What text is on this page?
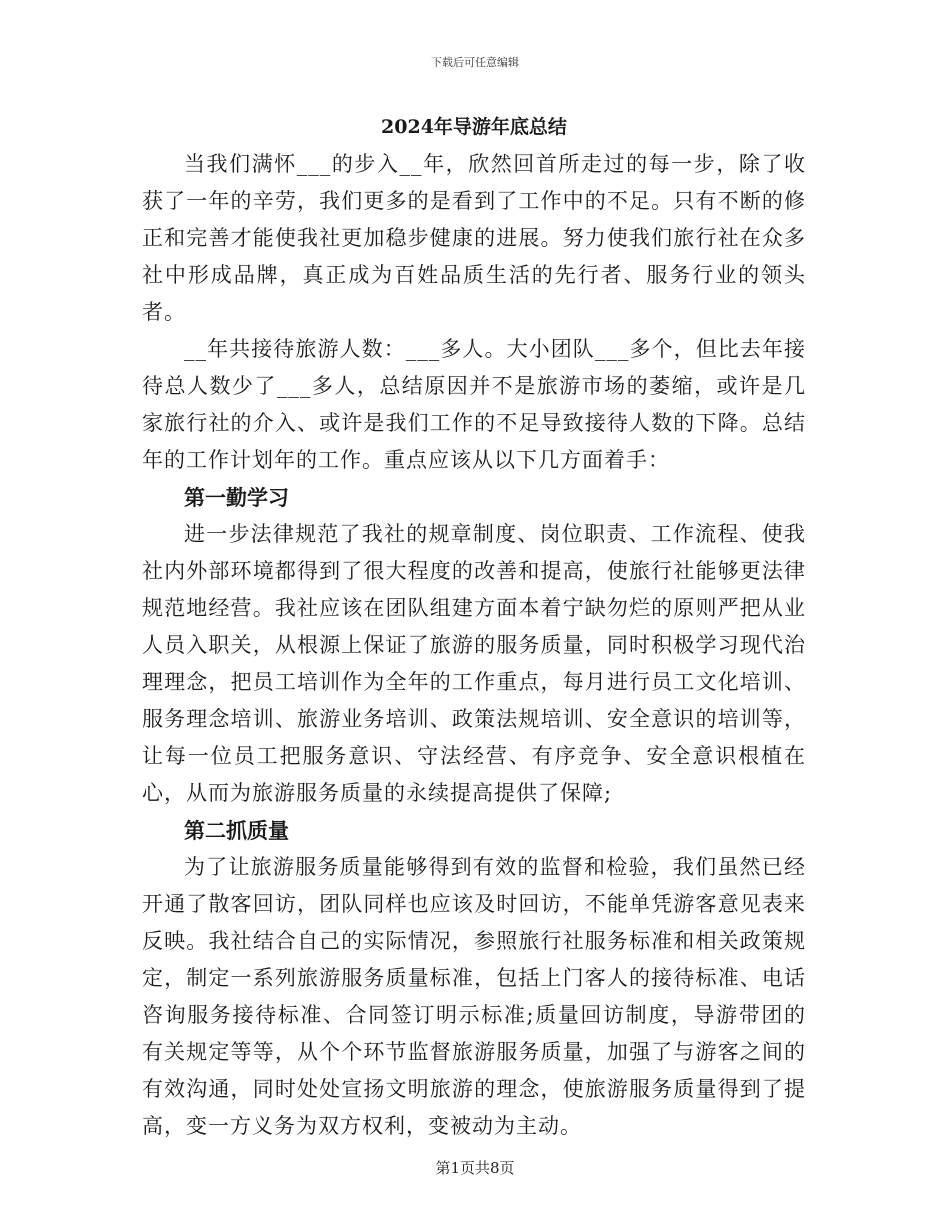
下载后可任意编辑
2024年导游年底总结

当我们满怀___的步入__年，欣然回首所走过的每一步，除了收获了一年的辛劳，我们更多的是看到了工作中的不足。只有不断的修正和完善才能使我社更加稳步健康的进展。努力使我们旅行社在众多社中形成品牌，真正成为百姓品质生活的先行者、服务行业的领头者。

__年共接待旅游人数：___多人。大小团队___多个，但比去年接待总人数少了___多人，总结原因并不是旅游市场的萎缩，或许是几家旅行社的介入、或许是我们工作的不足导致接待人数的下降。总结年的工作计划年的工作。重点应该从以下几方面着手：

第一勤学习

进一步法律规范了我社的规章制度、岗位职责、工作流程、使我社内外部环境都得到了很大程度的改善和提高，使旅行社能够更法律规范地经营。我社应该在团队组建方面本着宁缺勿烂的原则严把从业人员入职关，从根源上保证了旅游的服务质量，同时积极学习现代治理理念，把员工培训作为全年的工作重点，每月进行员工文化培训、服务理念培训、旅游业务培训、政策法规培训、安全意识的培训等，让每一位员工把服务意识、守法经营、有序竞争、安全意识根植在心，从而为旅游服务质量的永续提高提供了保障;

第二抓质量

为了让旅游服务质量能够得到有效的监督和检验，我们虽然已经开通了散客回访，团队同样也应该及时回访，不能单凭游客意见表来反映。我社结合自己的实际情况，参照旅行社服务标准和相关政策规定，制定一系列旅游服务质量标准，包括上门客人的接待标准、电话咨询服务接待标准、合同签订明示标准;质量回访制度，导游带团的有关规定等等，从个个环节监督旅游服务质量，加强了与游客之间的有效沟通，同时处处宣扬文明旅游的理念，使旅游服务质量得到了提高，变一方义务为双方权利，变被动为主动。

第1页共8页
